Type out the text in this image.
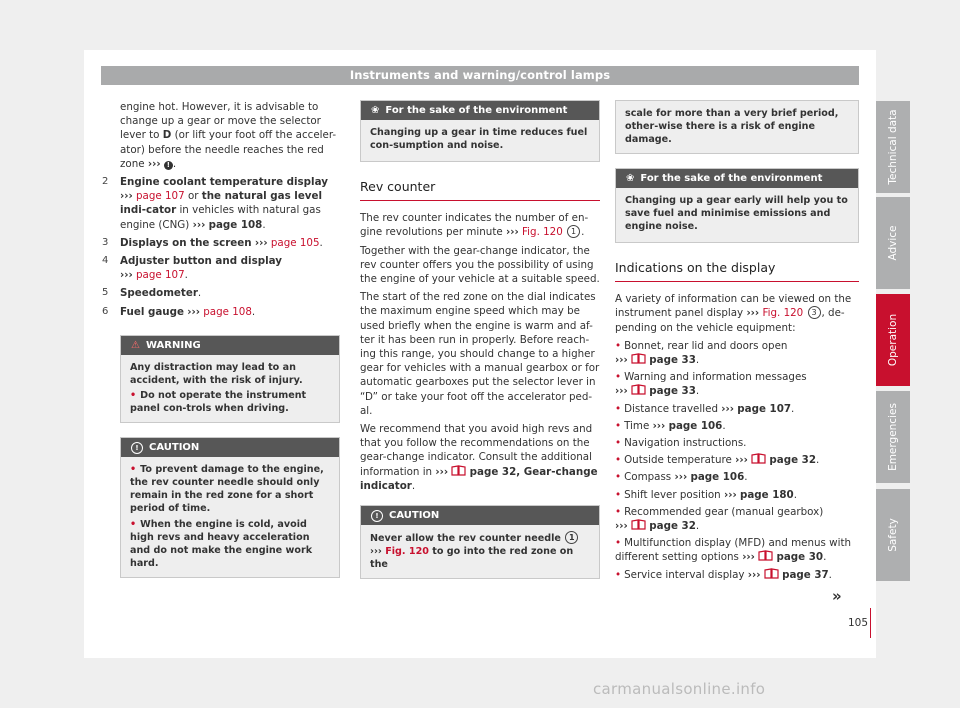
Instruments and warning/control lamps

engine hot. However, it is advisable to change up a gear or move the selector lever to D (or lift your foot off the acceler-ator) before the needle reaches the red zone ››› ! .

2 Engine coolant temperature display
››› page 107 or the natural gas level indi-cator in vehicles with natural gas engine (CNG) ››› page 108.
3 Displays on the screen ››› page 105.
4 Adjuster button and display
››› page 107.
5 Speedometer.
6 Fuel gauge ››› page 108.
⚠ WARNING

Any distraction may lead to an accident, with the risk of injury.

• Do not operate the instrument panel con-trols when driving.
! CAUTION
• To prevent damage to the engine, the rev counter needle should only remain in the red zone for a short period of time.
• When the engine is cold, avoid high revs and heavy acceleration and do not make the engine work hard.
❀ For the sake of the environment

Changing up a gear in time reduces fuel con-sumption and noise.

Rev counter

The rev counter indicates the number of en-gine revolutions per minute ››› Fig. 120 1 .

Together with the gear-change indicator, the rev counter offers you the possibility of using the engine of your vehicle at a suitable speed.

The start of the red zone on the dial indicates the maximum engine speed which may be used briefly when the engine is warm and af-ter it has been run in properly. Before reach-ing this range, you should change to a higher gear for vehicles with a manual gearbox or for automatic gearboxes put the selector lever in “D” or take your foot off the accelerator ped-al.

We recommend that you avoid high revs and that you follow the recommendations on the gear-change indicator. Consult the additional information in ››› page 32, Gear-change indicator.

! CAUTION
Never allow the rev counter needle 1
››› Fig. 120 to go into the red zone on the
scale for more than a very brief period, other-wise there is a risk of engine damage.
❀ For the sake of the environment

Changing up a gear early will help you to save fuel and minimise emissions and engine noise.

Indications on the display

A variety of information can be viewed on the instrument panel display ››› Fig. 120 3 , de-pending on the vehicle equipment:

• Bonnet, rear lid and doors open
››› page 33.
• Warning and information messages
››› page 33.
• Distance travelled ››› page 107.
• Time ››› page 106.
• Navigation instructions.
• Outside temperature ››› page 32.
• Compass ››› page 106.
• Shift lever position ››› page 180.
• Recommended gear (manual gearbox)
››› page 32.
• Multifunction display (MFD) and menus with different setting options ››› page 30.
• Service interval display ››› page 37.
»
Technical data
Advice
Operation
Emergencies
Safety
105
carmanualsonline.info
